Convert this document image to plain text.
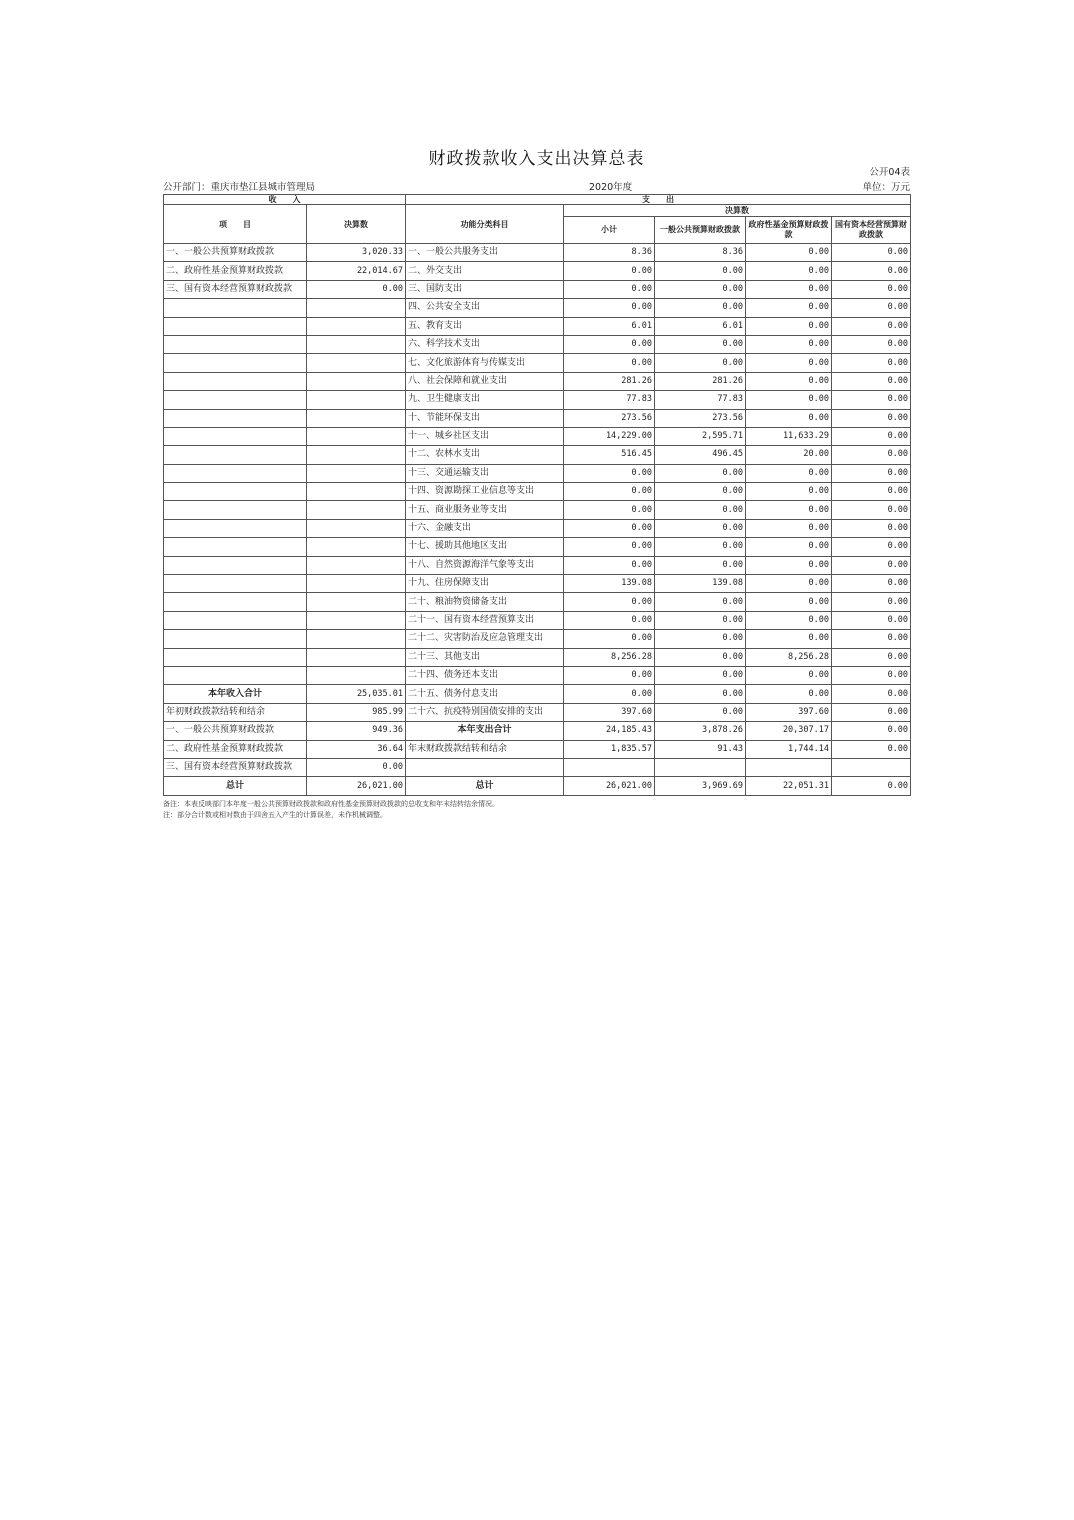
财政拨款收入支出决算总表
公开04表
公开部门：重庆市垫江县城市管理局	2020年度	单位：万元
收　　入		支　　出				
项　　目	决算数	功能分类科目	决算数			
			小计	一般公共预算财政拨款	政府性基金预算财政拨款	国有资本经营预算财政拨款
一、一般公共预算财政拨款	3,020.33	一、一般公共服务支出	8.36	8.36	0.00	0.00
二、政府性基金预算财政拨款	22,014.67	二、外交支出	0.00	0.00	0.00	0.00
三、国有资本经营预算财政拨款	0.00	三、国防支出	0.00	0.00	0.00	0.00
		四、公共安全支出	0.00	0.00	0.00	0.00
		五、教育支出	6.01	6.01	0.00	0.00
		六、科学技术支出	0.00	0.00	0.00	0.00
		七、文化旅游体育与传媒支出	0.00	0.00	0.00	0.00
		八、社会保障和就业支出	281.26	281.26	0.00	0.00
		九、卫生健康支出	77.83	77.83	0.00	0.00
		十、节能环保支出	273.56	273.56	0.00	0.00
		十一、城乡社区支出	14,229.00	2,595.71	11,633.29	0.00
		十二、农林水支出	516.45	496.45	20.00	0.00
		十三、交通运输支出	0.00	0.00	0.00	0.00
		十四、资源勘探工业信息等支出	0.00	0.00	0.00	0.00
		十五、商业服务业等支出	0.00	0.00	0.00	0.00
		十六、金融支出	0.00	0.00	0.00	0.00
		十七、援助其他地区支出	0.00	0.00	0.00	0.00
		十八、自然资源海洋气象等支出	0.00	0.00	0.00	0.00
		十九、住房保障支出	139.08	139.08	0.00	0.00
		二十、粮油物资储备支出	0.00	0.00	0.00	0.00
		二十一、国有资本经营预算支出	0.00	0.00	0.00	0.00
		二十二、灾害防治及应急管理支出	0.00	0.00	0.00	0.00
		二十三、其他支出	8,256.28	0.00	8,256.28	0.00
		二十四、债务还本支出	0.00	0.00	0.00	0.00
本年收入合计	25,035.01	二十五、债务付息支出	0.00	0.00	0.00	0.00
年初财政拨款结转和结余	985.99	二十六、抗疫特别国债安排的支出	397.60	0.00	397.60	0.00
一、一般公共预算财政拨款	949.36	本年支出合计	24,185.43	3,878.26	20,307.17	0.00
二、政府性基金预算财政拨款	36.64	年末财政拨款结转和结余	1,835.57	91.43	1,744.14	0.00
三、国有资本经营预算财政拨款	0.00					
总计	26,021.00	总计	26,021.00	3,969.69	22,051.31	0.00
备注：本表反映部门本年度一般公共预算财政拨款和政府性基金预算财政拨款的总收支和年末结转结余情况。
注：部分合计数或相对数由于四舍五入产生的计算误差，未作机械调整。
